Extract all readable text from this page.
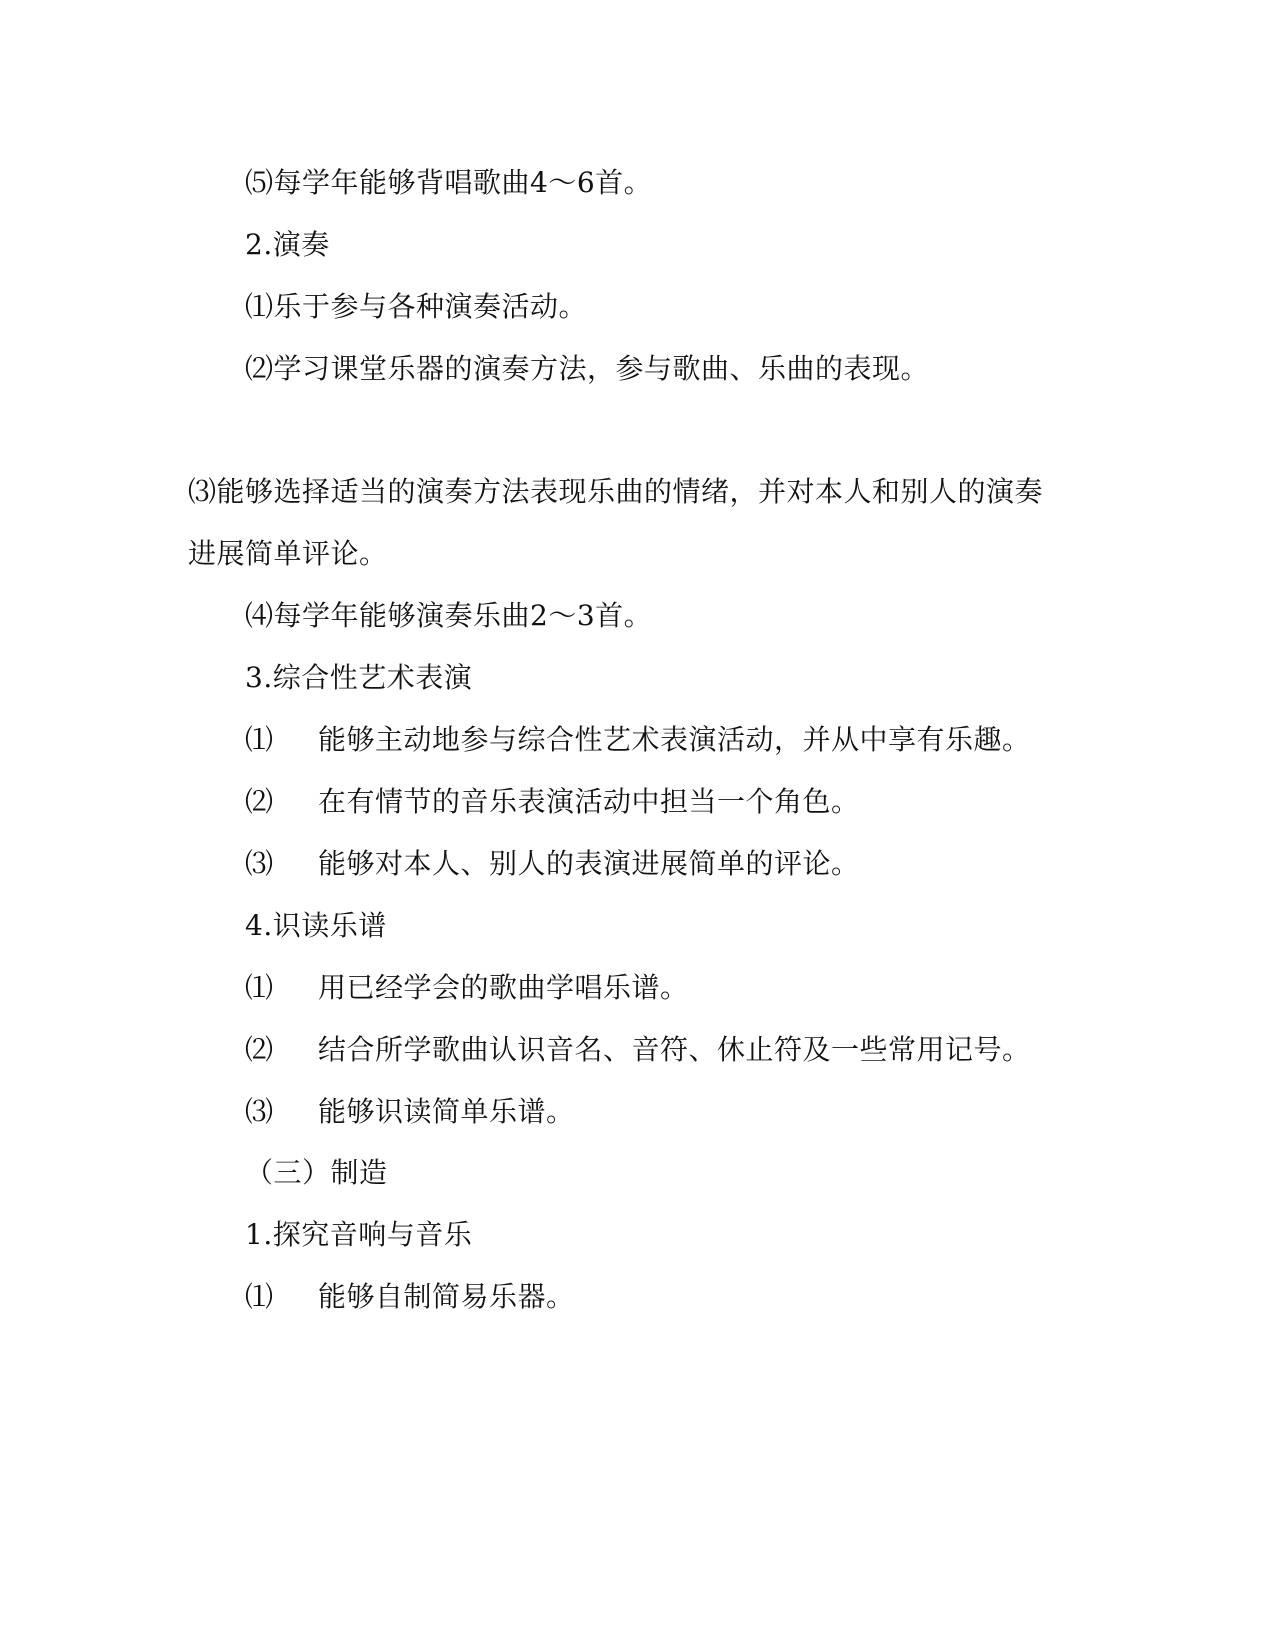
⑸每学年能够背唱歌曲4～6首。
2.演奏
⑴乐于参与各种演奏活动。
⑵学习课堂乐器的演奏方法，参与歌曲、乐曲的表现。
⑶能够选择适当的演奏方法表现乐曲的情绪，并对本人和别人的演奏
进展简单评论。
⑷每学年能够演奏乐曲2～3首。
3.综合性艺术表演
⑴ 能够主动地参与综合性艺术表演活动，并从中享有乐趣。
⑵ 在有情节的音乐表演活动中担当一个角色。
⑶ 能够对本人、别人的表演进展简单的评论。
4.识读乐谱
⑴ 用已经学会的歌曲学唱乐谱。
⑵ 结合所学歌曲认识音名、音符、休止符及一些常用记号。
⑶ 能够识读简单乐谱。
（三）制造
1.探究音响与音乐
⑴ 能够自制简易乐器。
